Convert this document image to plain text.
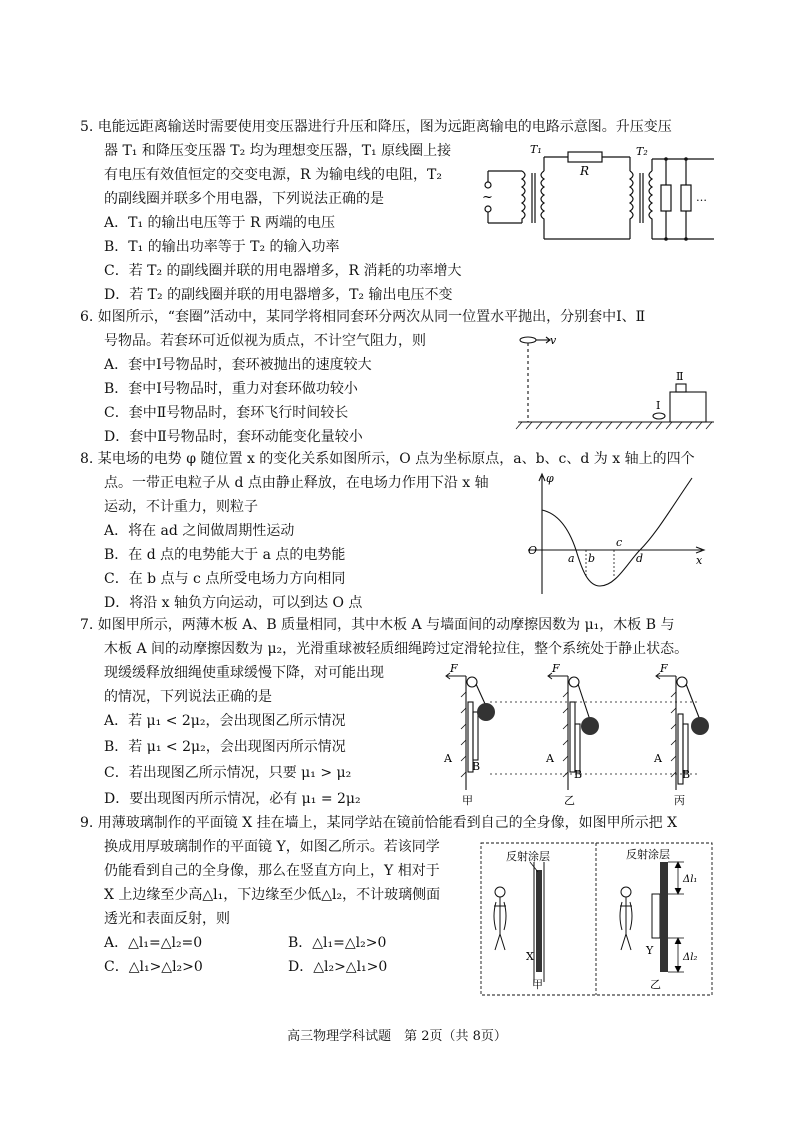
5. 电能远距离输送时需要使用变压器进行升压和降压，图为远距离输电的电路示意图。升压变压
器 T₁ 和降压变压器 T₂ 均为理想变压器，T₁ 原线圈上接
有电压有效值恒定的交变电源，R 为输电线的电阻，T₂
的副线圈并联多个用电器，下列说法正确的是
A．T₁ 的输出电压等于 R 两端的电压
B．T₁ 的输出功率等于 T₂ 的输入功率
C．若 T₂ 的副线圈并联的用电器增多，R 消耗的功率增大
D．若 T₂ 的副线圈并联的用电器增多，T₂ 输出电压不变
~
T₁
R
T₂
…
6. 如图所示，“套圈”活动中，某同学将相同套环分两次从同一位置水平抛出，分别套中Ⅰ、Ⅱ
号物品。若套环可近似视为质点，不计空气阻力，则
A．套中Ⅰ号物品时，套环被抛出的速度较大
B．套中Ⅰ号物品时，重力对套环做功较小
C．套中Ⅱ号物品时，套环飞行时间较长
D．套中Ⅱ号物品时，套环动能变化量较小
v
Ⅰ
Ⅱ
8. 某电场的电势 φ 随位置 x 的变化关系如图所示，O 点为坐标原点，a、b、c、d 为 x 轴上的四个
点。一带正电粒子从 d 点由静止释放，在电场力作用下沿 x 轴
运动，不计重力，则粒子
A．将在 ad 之间做周期性运动
B．在 d 点的电势能大于 a 点的电势能
C．在 b 点与 c 点所受电场力方向相同
D．将沿 x 轴负方向运动，可以到达 O 点
φ
O
a b
c
d	x
7. 如图甲所示，两薄木板 A、B 质量相同，其中木板 A 与墙面间的动摩擦因数为 μ₁，木板 B 与
木板 A 间的动摩擦因数为 μ₂，光滑重球被轻质细绳跨过定滑轮拉住，整个系统处于静止状态。
现缓缓释放细绳使重球缓慢下降，对可能出现
的情况，下列说法正确的是
A．若 μ₁ < 2μ₂，会出现图乙所示情况
B．若 μ₁ < 2μ₂，会出现图丙所示情况
C．若出现图乙所示情况，只要 μ₁ > μ₂
D．要出现图丙所示情况，必有 μ₁ = 2μ₂
F	F	F
A
B
A
B
A
B
甲	乙	丙
9. 用薄玻璃制作的平面镜 X 挂在墙上，某同学站在镜前恰能看到自己的全身像，如图甲所示把 X
换成用厚玻璃制作的平面镜 Y，如图乙所示。若该同学
仍能看到自己的全身像，那么在竖直方向上，Y 相对于
X 上边缘至少高△l₁，下边缘至少低△l₂，不计玻璃侧面
透光和表面反射，则
A．△l₁=△l₂=0	B．△l₁=△l₂>0
C．△l₁>△l₂>0	D．△l₂>△l₁>0
反射涂层	反射涂层
X	Y
Δl₁
Δl₂
甲	乙
高三物理学科试题　第 2页（共 8页）
